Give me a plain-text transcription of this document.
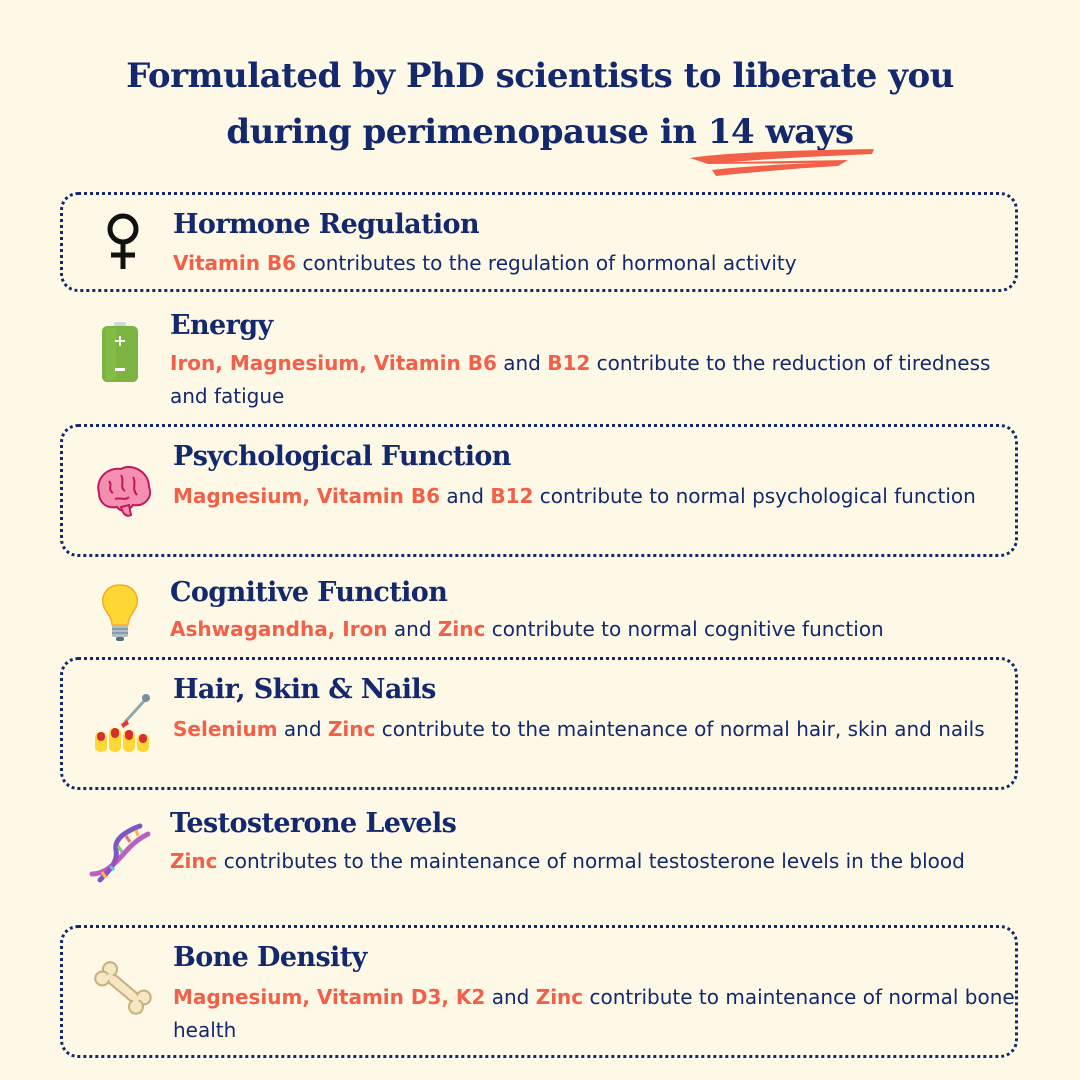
Formulated by PhD scientists to liberate you
during perimenopause in 14 ways
Hormone Regulation
Vitamin B6 contributes to the regulation of hormonal activity
+ Energy
Iron, Magnesium, Vitamin B6 and B12 contribute to the reduction of tiredness and fatigue
Psychological Function
Magnesium, Vitamin B6 and B12 contribute to normal psychological function
Cognitive Function
Ashwagandha, Iron and Zinc contribute to normal cognitive function
Hair, Skin & Nails
Selenium and Zinc contribute to the maintenance of normal hair, skin and nails
Testosterone Levels
Zinc contributes to the maintenance of normal testosterone levels in the blood
Bone Density
Magnesium, Vitamin D3, K2 and Zinc contribute to maintenance of normal bone health
